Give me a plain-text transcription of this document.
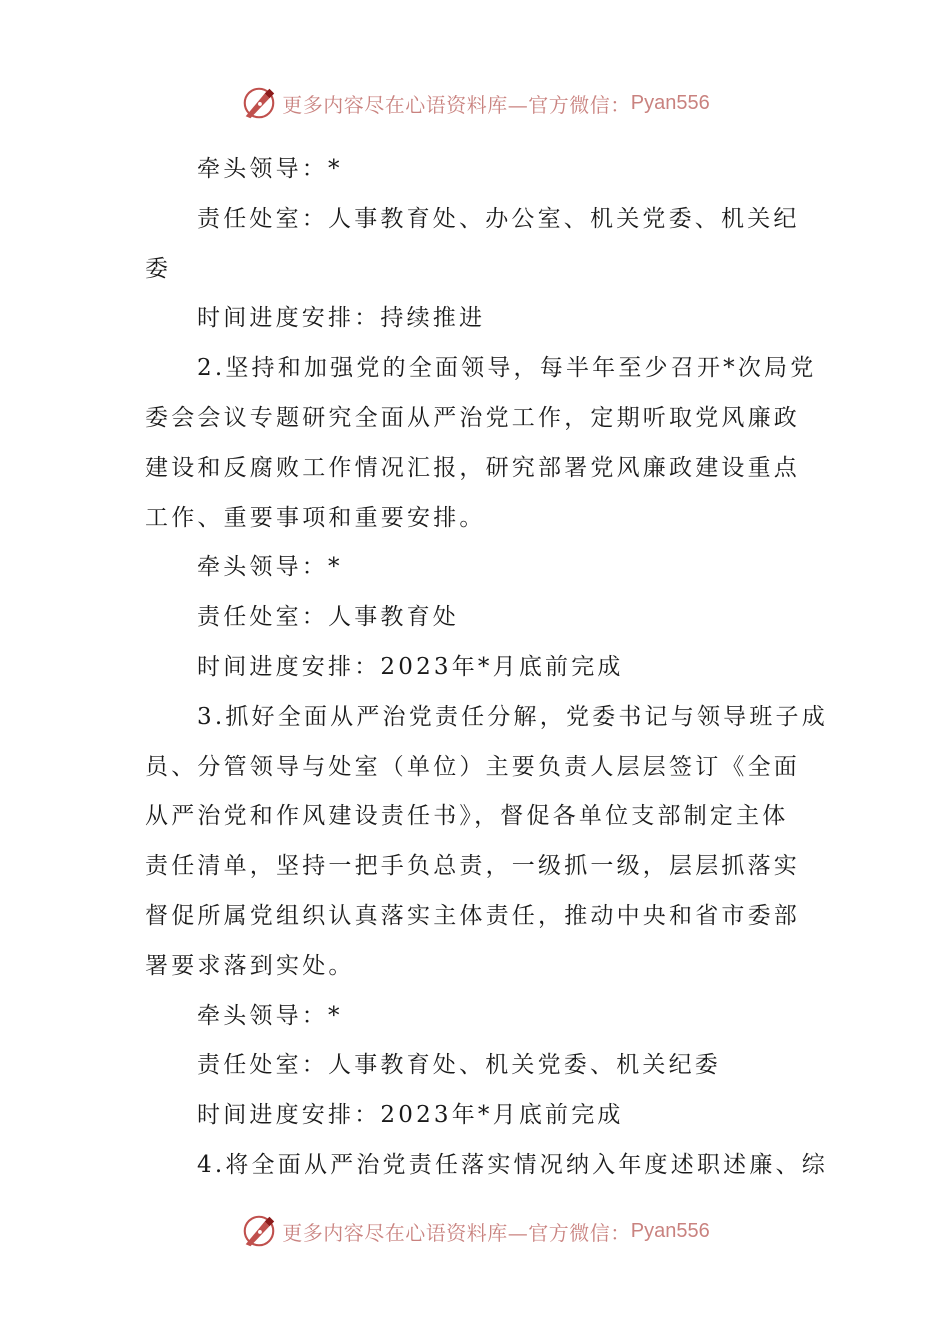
更多内容尽在心语资料库—官方微信： Pyan556
牵头领导：*
责任处室：人事教育处、办公室、机关党委、机关纪
委
时间进度安排：持续推进
2.坚持和加强党的全面领导，每半年至少召开*次局党
委会会议专题研究全面从严治党工作，定期听取党风廉政
建设和反腐败工作情况汇报，研究部署党风廉政建设重点
工作、重要事项和重要安排。
牵头领导：*
责任处室：人事教育处
时间进度安排：2023年*月底前完成
3.抓好全面从严治党责任分解，党委书记与领导班子成
员、分管领导与处室（单位）主要负责人层层签订《全面
从严治党和作风建设责任书》，督促各单位支部制定主体
责任清单，坚持一把手负总责，一级抓一级，层层抓落实
督促所属党组织认真落实主体责任，推动中央和省市委部
署要求落到实处。
牵头领导：*
责任处室：人事教育处、机关党委、机关纪委
时间进度安排：2023年*月底前完成
4.将全面从严治党责任落实情况纳入年度述职述廉、综
更多内容尽在心语资料库—官方微信： Pyan556
